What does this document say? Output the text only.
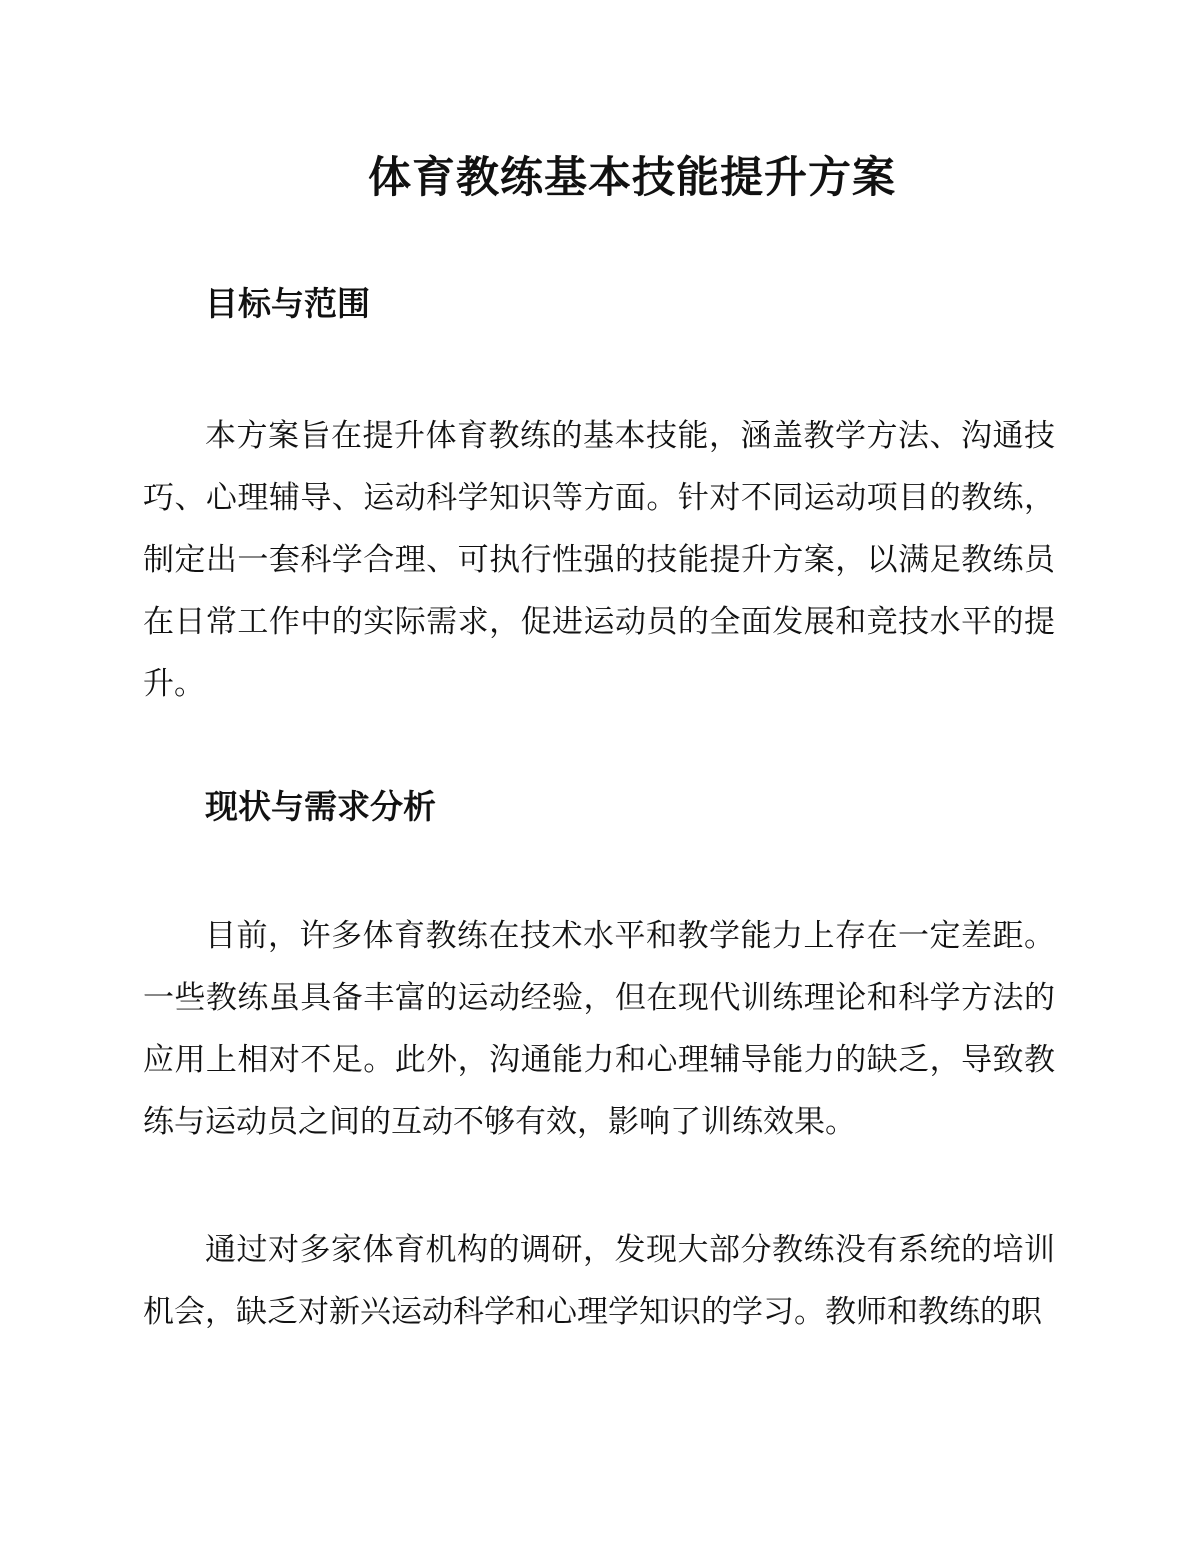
体育教练基本技能提升方案
目标与范围

本方案旨在提升体育教练的基本技能，涵盖教学方法、沟通技巧、心理辅导、运动科学知识等方面。针对不同运动项目的教练，制定出一套科学合理、可执行性强的技能提升方案，以满足教练员在日常工作中的实际需求，促进运动员的全面发展和竞技水平的提升。

现状与需求分析

目前，许多体育教练在技术水平和教学能力上存在一定差距。一些教练虽具备丰富的运动经验，但在现代训练理论和科学方法的应用上相对不足。此外，沟通能力和心理辅导能力的缺乏，导致教练与运动员之间的互动不够有效，影响了训练效果。

通过对多家体育机构的调研，发现大部分教练没有系统的培训机会，缺乏对新兴运动科学和心理学知识的学习。教师和教练的职
